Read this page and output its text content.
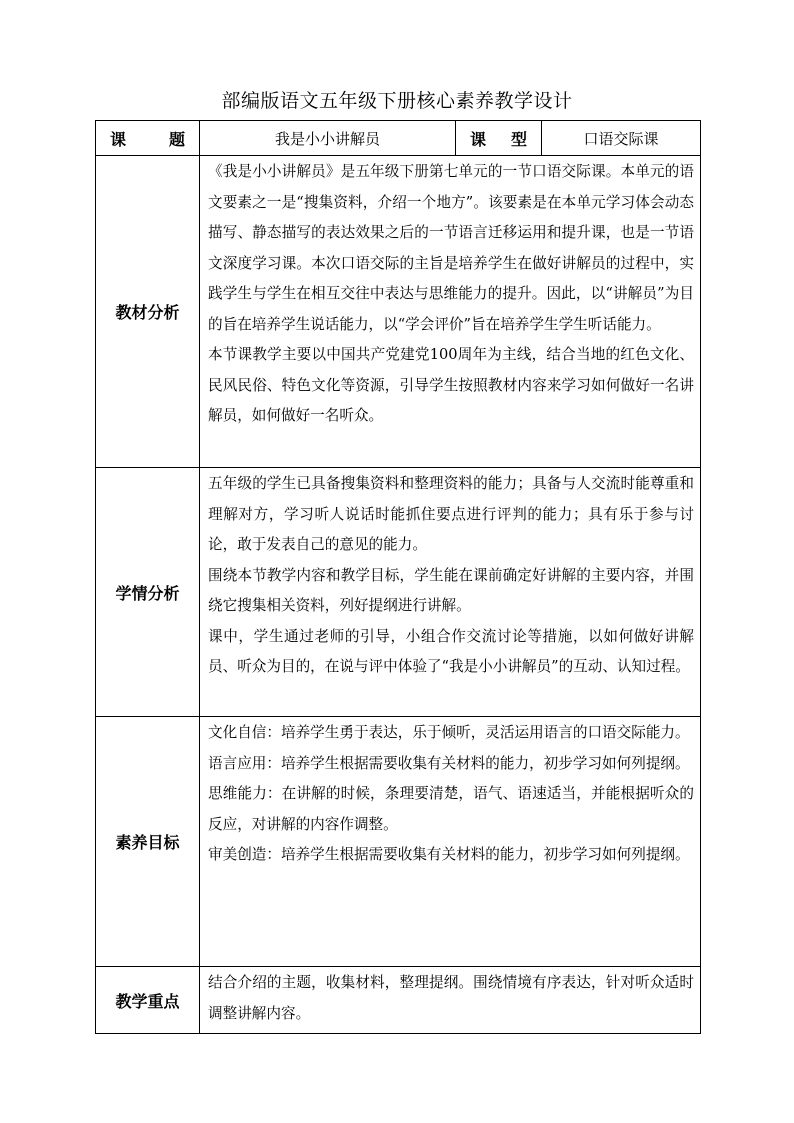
部编版语文五年级下册核心素养教学设计
课 题	我是小小讲解员	课 型	口语交际课
教材分析	《我是小小讲解员》是五年级下册第七单元的一节口语交际课。本单元的语文要素之一是“搜集资料，介绍一个地方”。该要素是在本单元学习体会动态描写、静态描写的表达效果之后的一节语言迁移运用和提升课，也是一节语文深度学习课。本次口语交际的主旨是培养学生在做好讲解员的过程中，实践学生与学生在相互交往中表达与思维能力的提升。因此，以“讲解员”为目的旨在培养学生说话能力，以“学会评价”旨在培养学生学生听话能力。

本节课教学主要以中国共产党建党100周年为主线，结合当地的红色文化、民风民俗、特色文化等资源，引导学生按照教材内容来学习如何做好一名讲解员，如何做好一名听众。		

学情分析	五年级的学生已具备搜集资料和整理资料的能力；具备与人交流时能尊重和理解对方，学习听人说话时能抓住要点进行评判的能力；具有乐于参与讨论，敢于发表自己的意见的能力。

围绕本节教学内容和教学目标，学生能在课前确定好讲解的主要内容，并围绕它搜集相关资料，列好提纲进行讲解。

课中，学生通过老师的引导，小组合作交流讨论等措施，以如何做好讲解员、听众为目的，在说与评中体验了“我是小小讲解员”的互动、认知过程。		

素养目标	文化自信：培养学生勇于表达，乐于倾听，灵活运用语言的口语交际能力。

语言应用：培养学生根据需要收集有关材料的能力，初步学习如何列提纲。

思维能力：在讲解的时候，条理要清楚，语气、语速适当，并能根据听众的反应，对讲解的内容作调整。

审美创造：培养学生根据需要收集有关材料的能力，初步学习如何列提纲。		

教学重点	结合介绍的主题，收集材料，整理提纲。围绕情境有序表达，针对听众适时调整讲解内容。		
